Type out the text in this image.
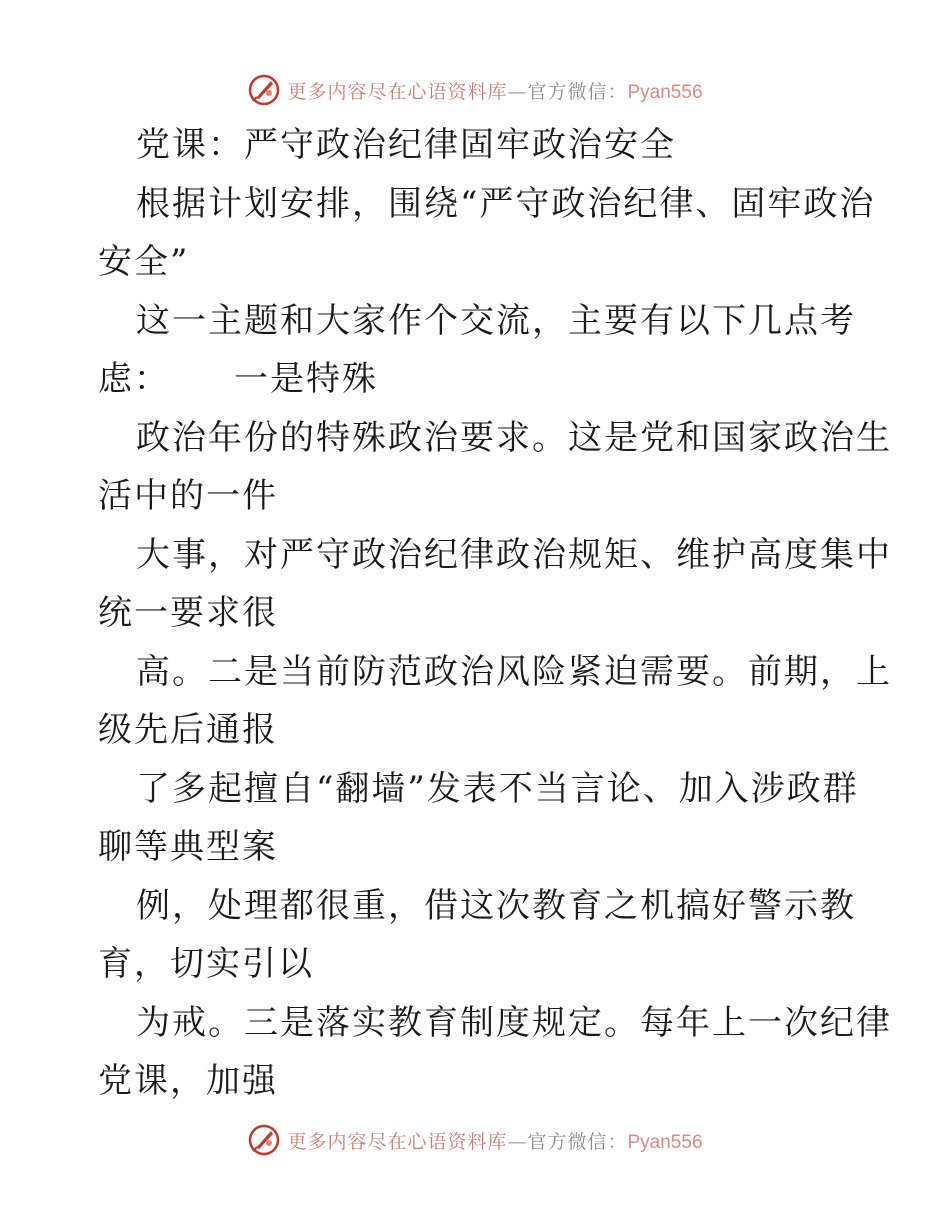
更多内容尽在心语资料库—官方微信：Pyan556
党课：严守政治纪律固牢政治安全
根据计划安排，围绕“严守政治纪律、固牢政治
安全”
这一主题和大家作个交流，主要有以下几点考
虑：     一是特殊
政治年份的特殊政治要求。这是党和国家政治生
活中的一件
大事，对严守政治纪律政治规矩、维护高度集中
统一要求很
高。二是当前防范政治风险紧迫需要。前期，上
级先后通报
了多起擅自“翻墙”发表不当言论、加入涉政群
聊等典型案
例，处理都很重，借这次教育之机搞好警示教
育，切实引以
为戒。三是落实教育制度规定。每年上一次纪律
党课，加强
更多内容尽在心语资料库—官方微信：Pyan556
